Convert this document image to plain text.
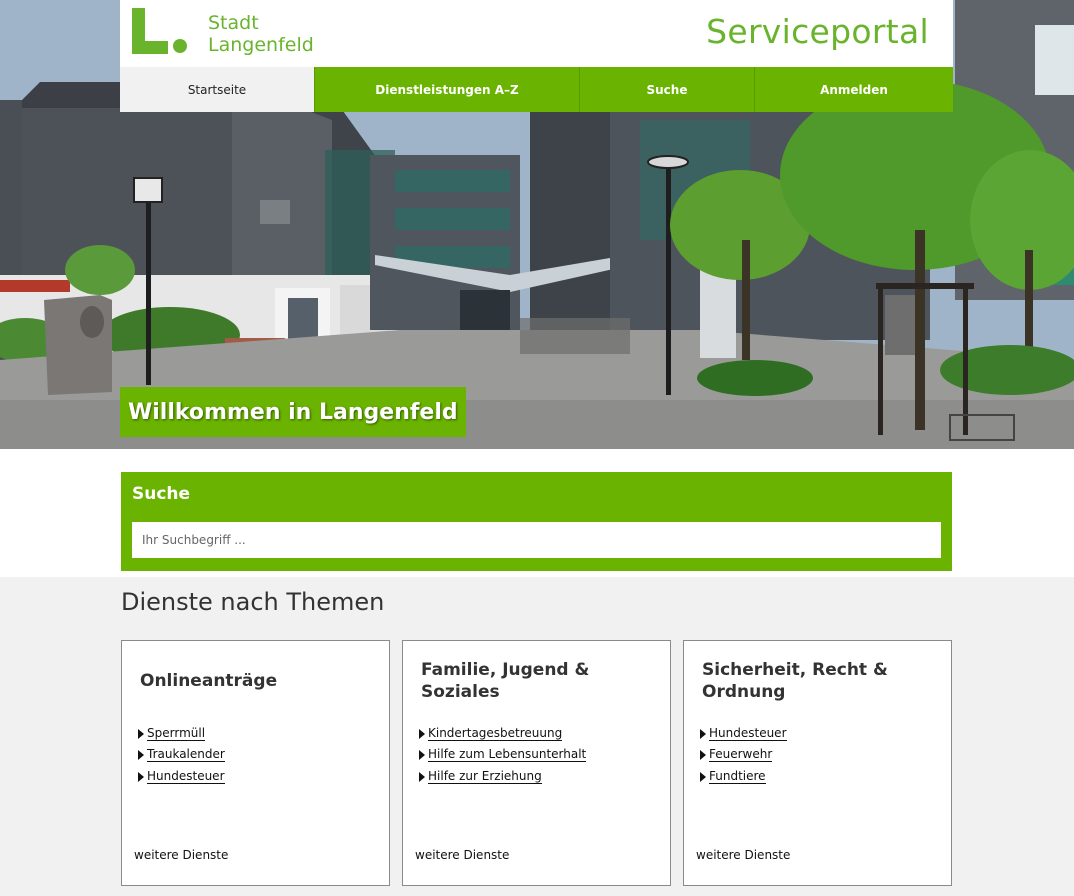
Stadt
Langenfeld	Serviceportal
Startseite	Dienstleistungen A–Z	Suche	Anmelden
Willkommen in Langenfeld
Suche
Ihr Suchbegriff ...
Dienste nach Themen
Onlineanträge
Sperrmüll
Traukalender
Hundesteuer
weitere Dienste
Familie, Jugend & Soziales
Kindertagesbetreuung
Hilfe zum Lebensunterhalt
Hilfe zur Erziehung
weitere Dienste
Sicherheit, Recht & Ordnung
Hundesteuer
Feuerwehr
Fundtiere
weitere Dienste
